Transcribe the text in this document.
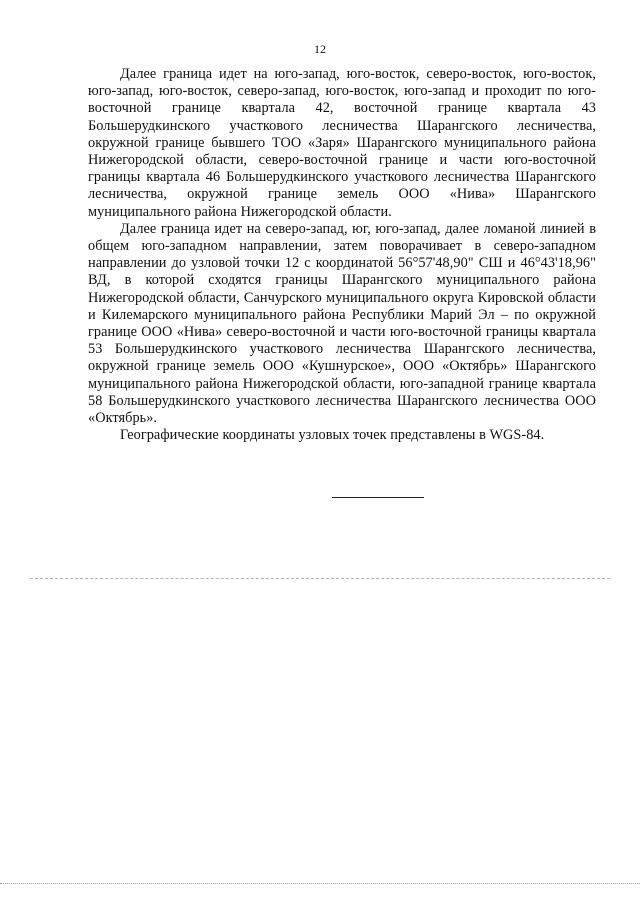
12

Далее граница идет на юго-запад, юго-восток, северо-восток, юго-восток, юго-запад, юго-восток, северо-запад, юго-восток, юго-запад и проходит по юго-восточной границе квартала 42, восточной границе квартала 43 Большерудкинского участкового лесничества Шарангского лесничества, окружной границе бывшего ТОО «Заря» Шарангского муниципального района Нижегородской области, северо-восточной границе и части юго-восточной границы квартала 46 Большерудкинского участкового лесничества Шарангского лесничества, окружной границе земель ООО «Нива» Шарангского муниципального района Нижегородской области.

Далее граница идет на северо-запад, юг, юго-запад, далее ломаной линией в общем юго-западном направлении, затем поворачивает в северо-западном направлении до узловой точки 12 с координатой 56°57'48,90" СШ и 46°43'18,96" ВД, в которой сходятся границы Шарангского муниципального района Нижегородской области, Санчурского муниципального округа Кировской области и Килемарского муниципального района Республики Марий Эл – по окружной границе ООО «Нива» северо-восточной и части юго-восточной границы квартала 53 Большерудкинского участкового лесничества Шарангского лесничества, окружной границе земель ООО «Кушнурское», ООО «Октябрь» Шарангского муниципального района Нижегородской области, юго-западной границе квартала 58 Большерудкинского участкового лесничества Шарангского лесничества ООО «Октябрь».

Географические координаты узловых точек представлены в WGS-84.
